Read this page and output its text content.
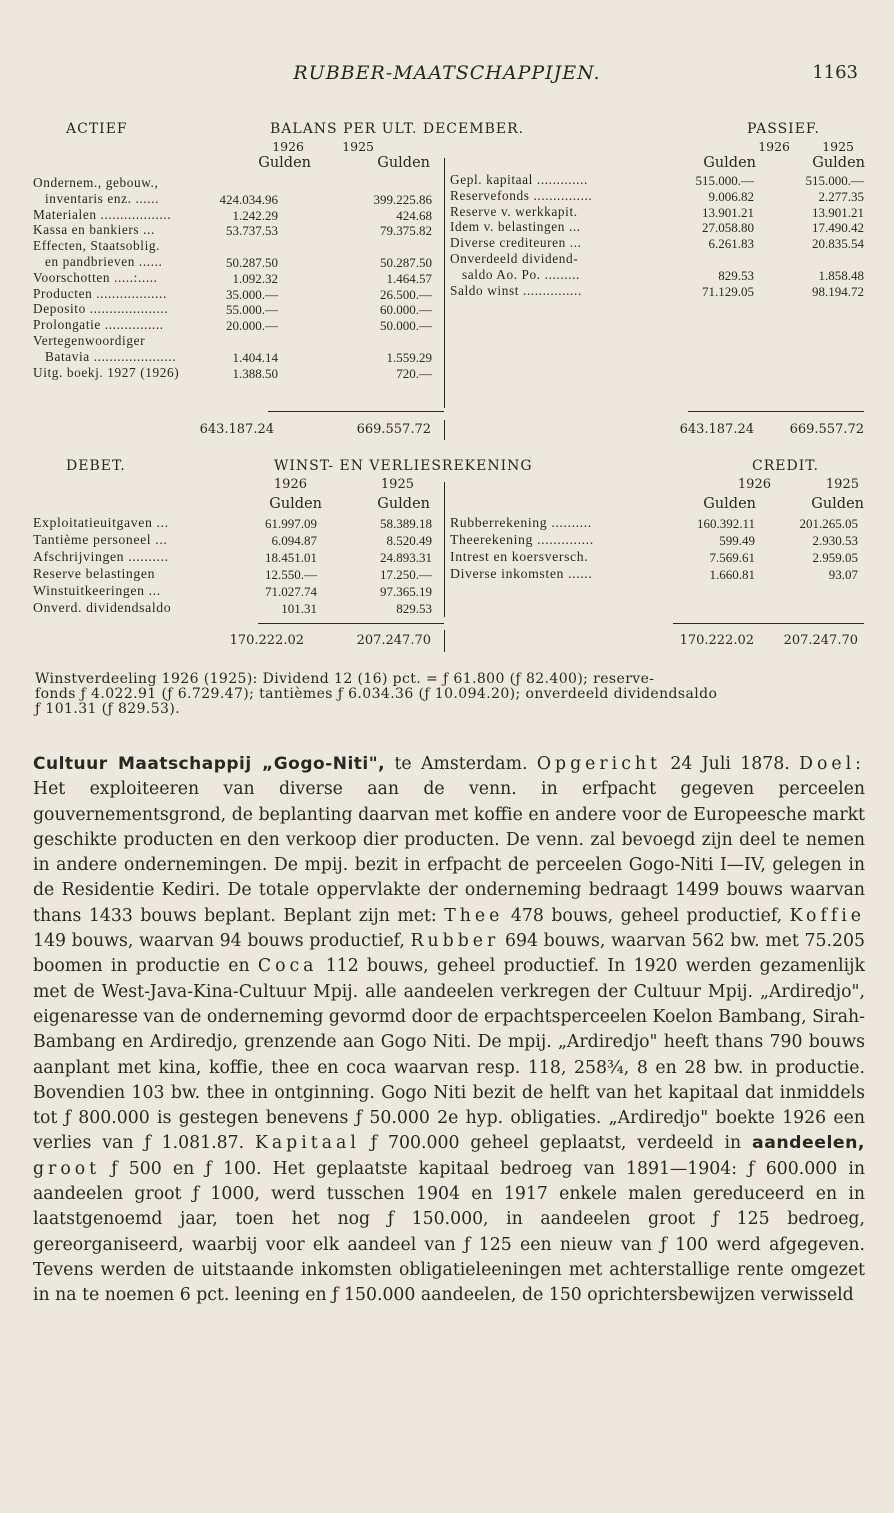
RUBBER-MAATSCHAPPIJEN.	1163
ACTIEF	BALANS PER ULT. DECEMBER.	PASSIEF.
1926	1925	1926	1925
Gulden	Gulden	Gulden	Gulden
Ondernem., gebouw.,
inventaris enz. ......	424.034.96	399.225.86
Materialen ..................	1.242.29	424.68
Kassa en bankiers ...	53.737.53	79.375.82
Effecten, Staatsoblig.
en pandbrieven ......	50.287.50	50.287.50
Voorschotten .....:.....	1.092.32	1.464.57
Producten ..................	35.000.—	26.500.—
Deposito ....................	55.000.—	60.000.—
Prolongatie ...............	20.000.—	50.000.—
Vertegenwoordiger
Batavia .....................	1.404.14	1.559.29
Uitg. boekj. 1927 (1926)	1.388.50	720.—
Gepl. kapitaal .............	515.000.—	515.000.—
Reservefonds ...............	9.006.82	2.277.35
Reserve v. werkkapit.	13.901.21	13.901.21
Idem v. belastingen ...	27.058.80	17.490.42
Diverse crediteuren ...	6.261.83	20.835.54
Onverdeeld dividend-
saldo Ao. Po. .........	829.53	1.858.48
Saldo winst ...............	71.129.05	98.194.72
643.187.24	669.557.72	643.187.24	669.557.72
DEBET.	WINST- EN VERLIESREKENING	CREDIT.
1926	1925	1926	1925
Gulden	Gulden	Gulden	Gulden
Exploitatieuitgaven ...	61.997.09	58.389.18
Tantième personeel ...	6.094.87	8.520.49
Afschrijvingen ..........	18.451.01	24.893.31
Reserve belastingen	12.550.—	17.250.—
Winstuitkeeringen ...	71.027.74	97.365.19
Onverd. dividendsaldo	101.31	829.53
Rubberrekening ..........	160.392.11	201.265.05
Theerekening ..............	599.49	2.930.53
Intrest en koersversch.	7.569.61	2.959.05
Diverse inkomsten ......	1.660.81	93.07
170.222.02	207.247.70	170.222.02 207.247.70
Winstverdeeling 1926 (1925): Dividend 12 (16) pct. = ƒ 61.800 (ƒ 82.400); reserve-
fonds ƒ 4.022.91 (ƒ 6.729.47); tantièmes ƒ 6.034.36 (ƒ 10.094.20); onverdeeld dividendsaldo
ƒ 101.31 (ƒ 829.53).

Cultuur Maatschappij „Gogo-Niti", te Amsterdam. Opgericht 24 Juli 1878. Doel: Het exploiteeren van diverse aan de venn. in erfpacht gegeven perceelen gouvernementsgrond, de beplanting daarvan met koffie en andere voor de Europeesche markt geschikte producten en den verkoop dier producten. De venn. zal bevoegd zijn deel te nemen in andere ondernemingen. De mpij. bezit in erfpacht de perceelen Gogo-Niti I—IV, gelegen in de Residentie Kediri. De totale oppervlakte der onderneming bedraagt 1499 bouws waarvan thans 1433 bouws beplant. Beplant zijn met: Thee 478 bouws, geheel productief, Koffie 149 bouws, waarvan 94 bouws productief, Rubber 694 bouws, waarvan 562 bw. met 75.205 boomen in productie en Coca 112 bouws, geheel productief. In 1920 werden gezamenlijk met de West-Java-Kina-Cultuur Mpij. alle aandeelen verkregen der Cultuur Mpij. „Ardiredjo", eigenaresse van de onderneming gevormd door de erpachtsperceelen Koelon Bambang, Sirah-Bambang en Ardiredjo, grenzende aan Gogo Niti. De mpij. „Ardiredjo" heeft thans 790 bouws aanplant met kina, koffie, thee en coca waarvan resp. 118, 258¾, 8 en 28 bw. in productie. Bovendien 103 bw. thee in ontginning. Gogo Niti bezit de helft van het kapitaal dat inmiddels tot ƒ 800.000 is gestegen benevens ƒ 50.000 2e hyp. obligaties. „Ardiredjo" boekte 1926 een verlies van ƒ 1.081.87. Kapitaal ƒ 700.000 geheel geplaatst, verdeeld in aandeelen, groot ƒ 500 en ƒ 100. Het geplaatste kapitaal bedroeg van 1891—1904: ƒ 600.000 in aandeelen groot ƒ 1000, werd tusschen 1904 en 1917 enkele malen gereduceerd en in laatstgenoemd jaar, toen het nog ƒ 150.000, in aandeelen groot ƒ 125 bedroeg, gereorganiseerd, waarbij voor elk aandeel van ƒ 125 een nieuw van ƒ 100 werd afgegeven. Tevens werden de uitstaande inkomsten obligatieleeningen met achterstallige rente omgezet in na te noemen 6 pct. leening en ƒ 150.000 aandeelen, de 150 oprichtersbewijzen verwisseld
